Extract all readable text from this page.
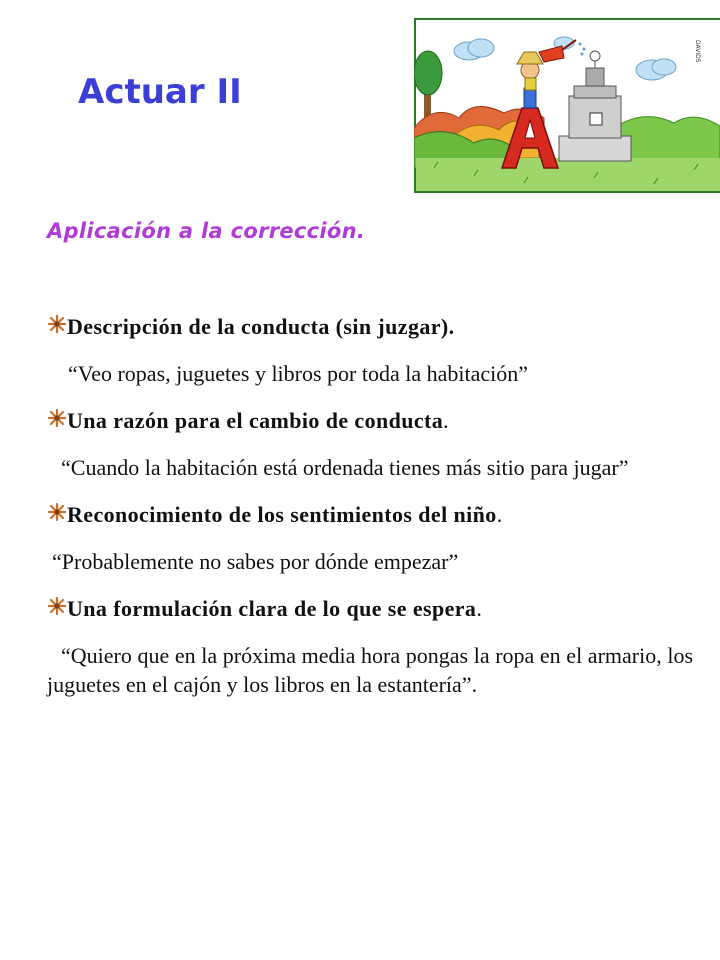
Actuar II
DAVIDS
Aplicación a la corrección.
Descripción de la conducta (sin juzgar).

“Veo ropas, juguetes y libros por toda la habitación”

Una razón para el cambio de conducta.

“Cuando la habitación está ordenada tienes más sitio para jugar”

Reconocimiento de los sentimientos del niño.

“Probablemente no sabes por dónde empezar”

Una formulación clara de lo que se espera.

“Quiero que en la próxima media hora pongas la ropa en el armario, los juguetes en el cajón y los libros en la estantería”.
